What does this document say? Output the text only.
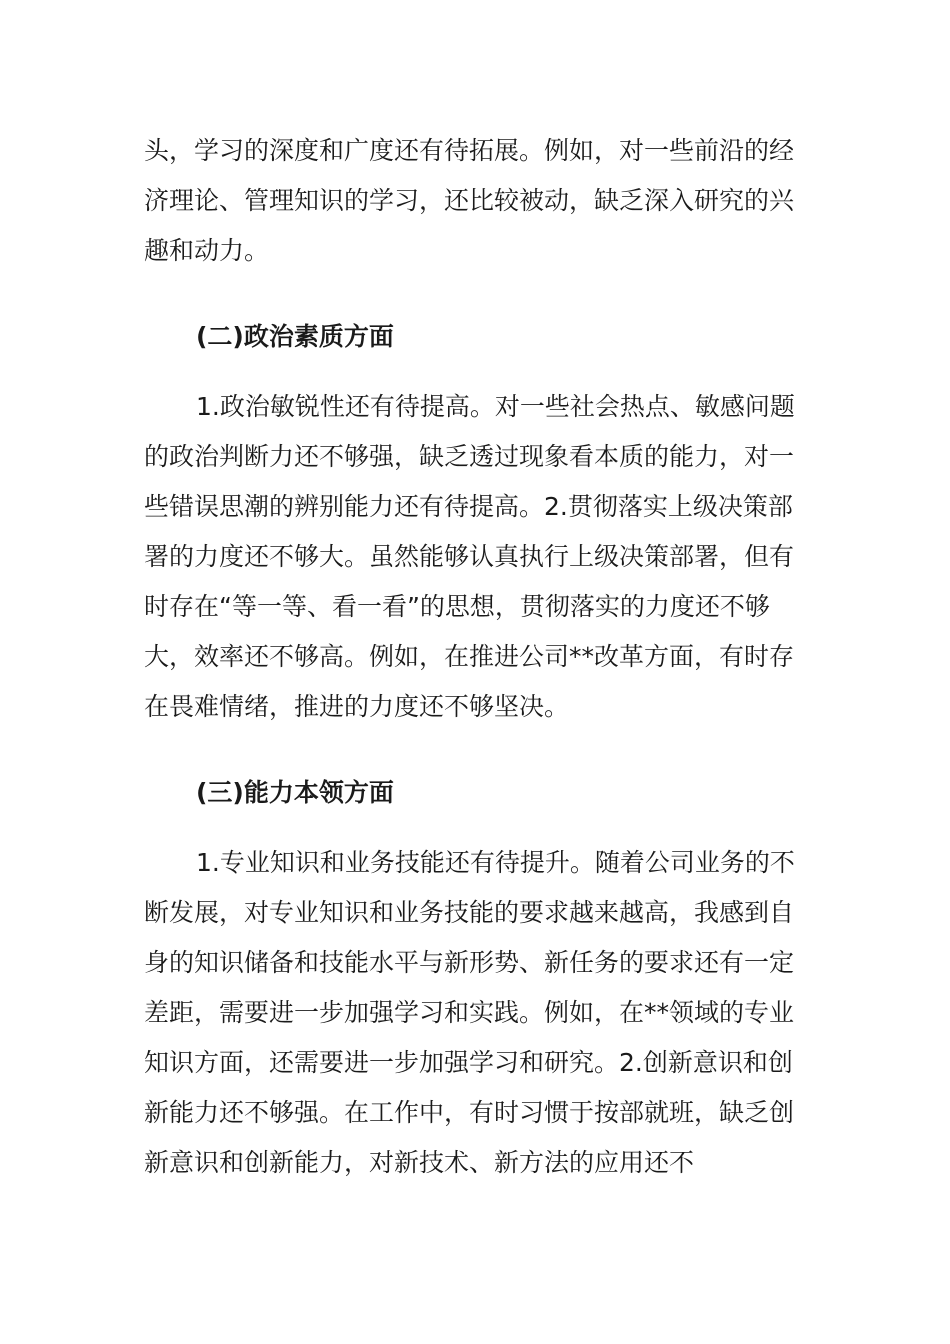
头，学习的深度和广度还有待拓展。例如，对一些前沿的经济理论、管理知识的学习，还比较被动，缺乏深入研究的兴趣和动力。

(二)政治素质方面

1.政治敏锐性还有待提高。对一些社会热点、敏感问题的政治判断力还不够强，缺乏透过现象看本质的能力，对一些错误思潮的辨别能力还有待提高。2.贯彻落实上级决策部署的力度还不够大。虽然能够认真执行上级决策部署，但有时存在“等一等、看一看”的思想，贯彻落实的力度还不够大，效率还不够高。例如，在推进公司**改革方面，有时存在畏难情绪，推进的力度还不够坚决。

(三)能力本领方面

1.专业知识和业务技能还有待提升。随着公司业务的不断发展，对专业知识和业务技能的要求越来越高，我感到自身的知识储备和技能水平与新形势、新任务的要求还有一定差距，需要进一步加强学习和实践。例如，在**领域的专业知识方面，还需要进一步加强学习和研究。2.创新意识和创新能力还不够强。在工作中，有时习惯于按部就班，缺乏创新意识和创新能力，对新技术、新方法的应用还不
